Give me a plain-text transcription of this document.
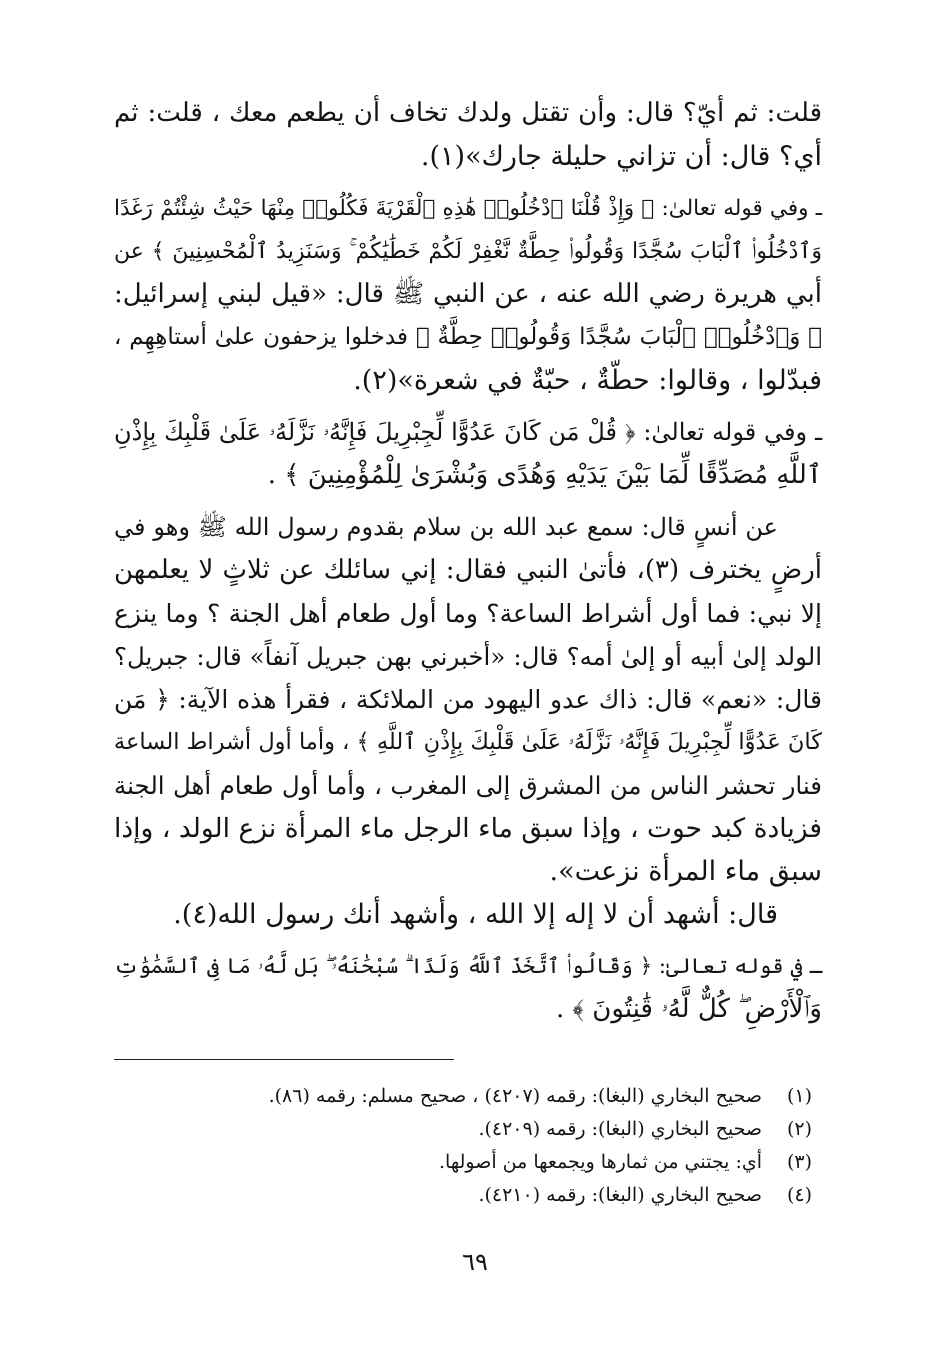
قلت: ثم أيّ؟ قال: وأن تقتل ولدك تخاف أن يطعم معك ، قلت: ثم

أي؟ قال: أن تزاني حليلة جارك»(١).

ـ وفي قوله تعالىٰ: ﴿ وَإِذْ قُلْنَا ٱدْخُلُوا۟ هَٰذِهِ ٱلْقَرْيَةَ فَكُلُوا۟ مِنْهَا حَيْثُ شِئْتُمْ رَغَدًا

وَٱدْخُلُوا۟ ٱلْبَابَ سُجَّدًا وَقُولُوا۟ حِطَّةٌ نَّغْفِرْ لَكُمْ خَطَٰيَٰكُمْ ۚ وَسَنَزِيدُ ٱلْمُحْسِنِينَ ﴾ عن

أبي هريرة رضي الله عنه ، عن النبي ﷺ قال: «قيل لبني إسرائيل:

﴿ وَٱدْخُلُوا۟ ٱلْبَابَ سُجَّدًا وَقُولُوا۟ حِطَّةٌ ﴾ فدخلوا يزحفون علىٰ أستاهِهِم ،

فبدّلوا ، وقالوا: حطّةٌ ، حبّةٌ في شعرة»(٢).

ـ وفي قوله تعالىٰ: ﴿ قُلْ مَن كَانَ عَدُوًّا لِّجِبْرِيلَ فَإِنَّهُۥ نَزَّلَهُۥ عَلَىٰ قَلْبِكَ بِإِذْنِ

ٱللَّهِ مُصَدِّقًا لِّمَا بَيْنَ يَدَيْهِ وَهُدًى وَبُشْرَىٰ لِلْمُؤْمِنِينَ ﴾ .

عن أنسٍ قال: سمع عبد الله بن سلام بقدوم رسول الله ﷺ وهو في

أرضٍ يخترف (٣)، فأتىٰ النبي فقال: إني سائلك عن ثلاثٍ لا يعلمهن

إلا نبي: فما أول أشراط الساعة؟ وما أول طعام أهل الجنة ؟ وما ينزع

الولد إلىٰ أبيه أو إلىٰ أمه؟ قال: «أخبرني بهن جبريل آنفاً» قال: جبريل؟

قال: «نعم» قال: ذاك عدو اليهود من الملائكة ، فقرأ هذه الآية: ﴿ مَن

كَانَ عَدُوًّا لِّجِبْرِيلَ فَإِنَّهُۥ نَزَّلَهُۥ عَلَىٰ قَلْبِكَ بِإِذْنِ ٱللَّهِ ﴾ ، وأما أول أشراط الساعة

فنار تحشر الناس من المشرق إلى المغرب ، وأما أول طعام أهل الجنة

فزيادة كبد حوت ، وإذا سبق ماء الرجل ماء المرأة نزع الولد ، وإذا

سبق ماء المرأة نزعت».

قال: أشهد أن لا إله إلا الله ، وأشهد أنك رسول الله(٤).

ـ في قوله تعالىٰ: ﴿ وَقَالُوا۟ ٱتَّخَذَ ٱللَّهُ وَلَدًا ۗ سُبْحَٰنَهُۥ ۖ بَل لَّهُۥ مَا فِى ٱلسَّمَٰوَٰتِ

وَٱلْأَرْضِ ۖ كُلٌّ لَّهُۥ قَٰنِتُونَ ﴾ .

(١)صحيح البخاري (البغا): رقمه (٤٢٠٧) ، صحيح مسلم: رقمه (٨٦).

(٢)صحيح البخاري (البغا): رقمه (٤٢٠٩).

(٣)أي: يجتني من ثمارها ويجمعها من أصولها.

(٤)صحيح البخاري (البغا): رقمه (٤٢١٠).

٦٩
